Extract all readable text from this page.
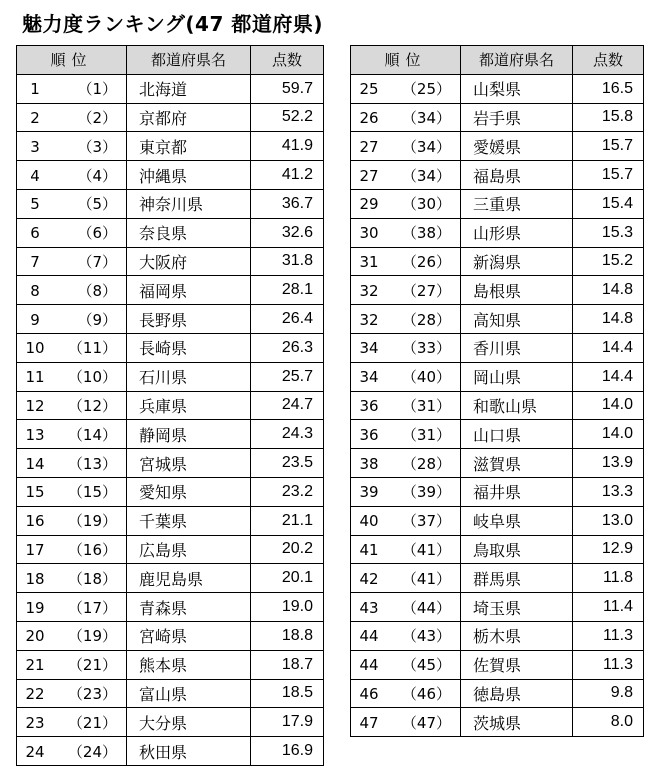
魅力度ランキング(47 都道府県)
順位	都道府県名	点数
1 （1）	北海道	59.7
2 （2）	京都府	52.2
3 （3）	東京都	41.9
4 （4）	沖縄県	41.2
5 （5）	神奈川県	36.7
6 （6）	奈良県	32.6
7 （7）	大阪府	31.8
8 （8）	福岡県	28.1
9 （9）	長野県	26.4
10 （11）	長崎県	26.3
11 （10）	石川県	25.7
12 （12）	兵庫県	24.7
13 （14）	静岡県	24.3
14 （13）	宮城県	23.5
15 （15）	愛知県	23.2
16 （19）	千葉県	21.1
17 （16）	広島県	20.2
18 （18）	鹿児島県	20.1
19 （17）	青森県	19.0
20 （19）	宮崎県	18.8
21 （21）	熊本県	18.7
22 （23）	富山県	18.5
23 （21）	大分県	17.9
24 （24）	秋田県	16.9
順位	都道府県名	点数
25 （25）	山梨県	16.5
26 （34）	岩手県	15.8
27 （34）	愛媛県	15.7
27 （34）	福島県	15.7
29 （30）	三重県	15.4
30 （38）	山形県	15.3
31 （26）	新潟県	15.2
32 （27）	島根県	14.8
32 （28）	高知県	14.8
34 （33）	香川県	14.4
34 （40）	岡山県	14.4
36 （31）	和歌山県	14.0
36 （31）	山口県	14.0
38 （28）	滋賀県	13.9
39 （39）	福井県	13.3
40 （37）	岐阜県	13.0
41 （41）	鳥取県	12.9
42 （41）	群馬県	11.8
43 （44）	埼玉県	11.4
44 （43）	栃木県	11.3
44 （45）	佐賀県	11.3
46 （46）	徳島県	9.8
47 （47）	茨城県	8.0
